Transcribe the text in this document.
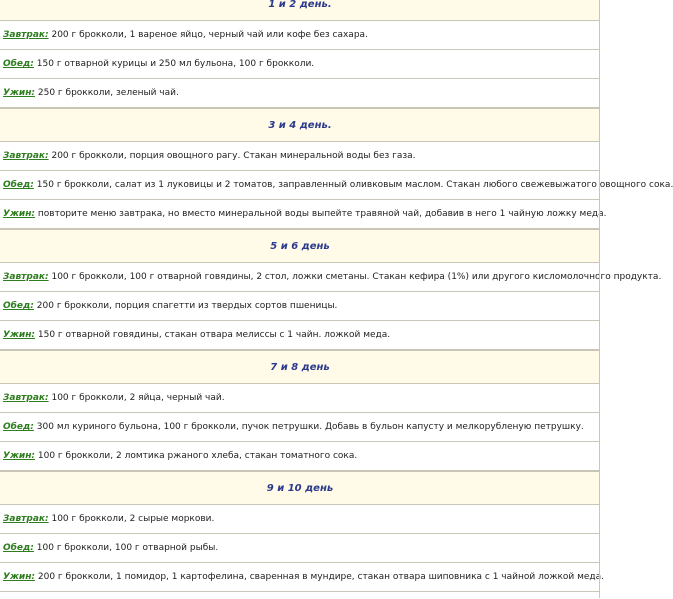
1 и 2 день.
Завтрак: 200 г брокколи, 1 вареное яйцо, черный чай или кофе без сахара.
Обед: 150 г отварной курицы и 250 мл бульона, 100 г брокколи.
Ужин: 250 г брокколи, зеленый чай.
3 и 4 день.
Завтрак: 200 г брокколи, порция овощного рагу. Стакан минеральной воды без газа.
Обед: 150 г брокколи, салат из 1 луковицы и 2 томатов, заправленный оливковым маслом. Стакан любого свежевыжатого овощного сока.
Ужин: повторите меню завтрака, но вместо минеральной воды выпейте травяной чай, добавив в него 1 чайную ложку меда.
5 и 6 день
Завтрак: 100 г брокколи, 100 г отварной говядины, 2 стол, ложки сметаны. Стакан кефира (1%) или другого кисломолочного продукта.
Обед: 200 г брокколи, порция спагетти из твердых сортов пшеницы.
Ужин: 150 г отварной говядины, стакан отвара мелиссы с 1 чайн. ложкой меда.
7 и 8 день
Завтрак: 100 г брокколи, 2 яйца, черный чай.
Обед: 300 мл куриного бульона, 100 г брокколи, пучок петрушки. Добавь в бульон капусту и мелкорубленую петрушку.
Ужин: 100 г брокколи, 2 ломтика ржаного хлеба, стакан томатного сока.
9 и 10 день
Завтрак: 100 г брокколи, 2 сырые моркови.
Обед: 100 г брокколи, 100 г отварной рыбы.
Ужин: 200 г брокколи, 1 помидор, 1 картофелина, сваренная в мундире, стакан отвара шиповника с 1 чайной ложкой меда.
